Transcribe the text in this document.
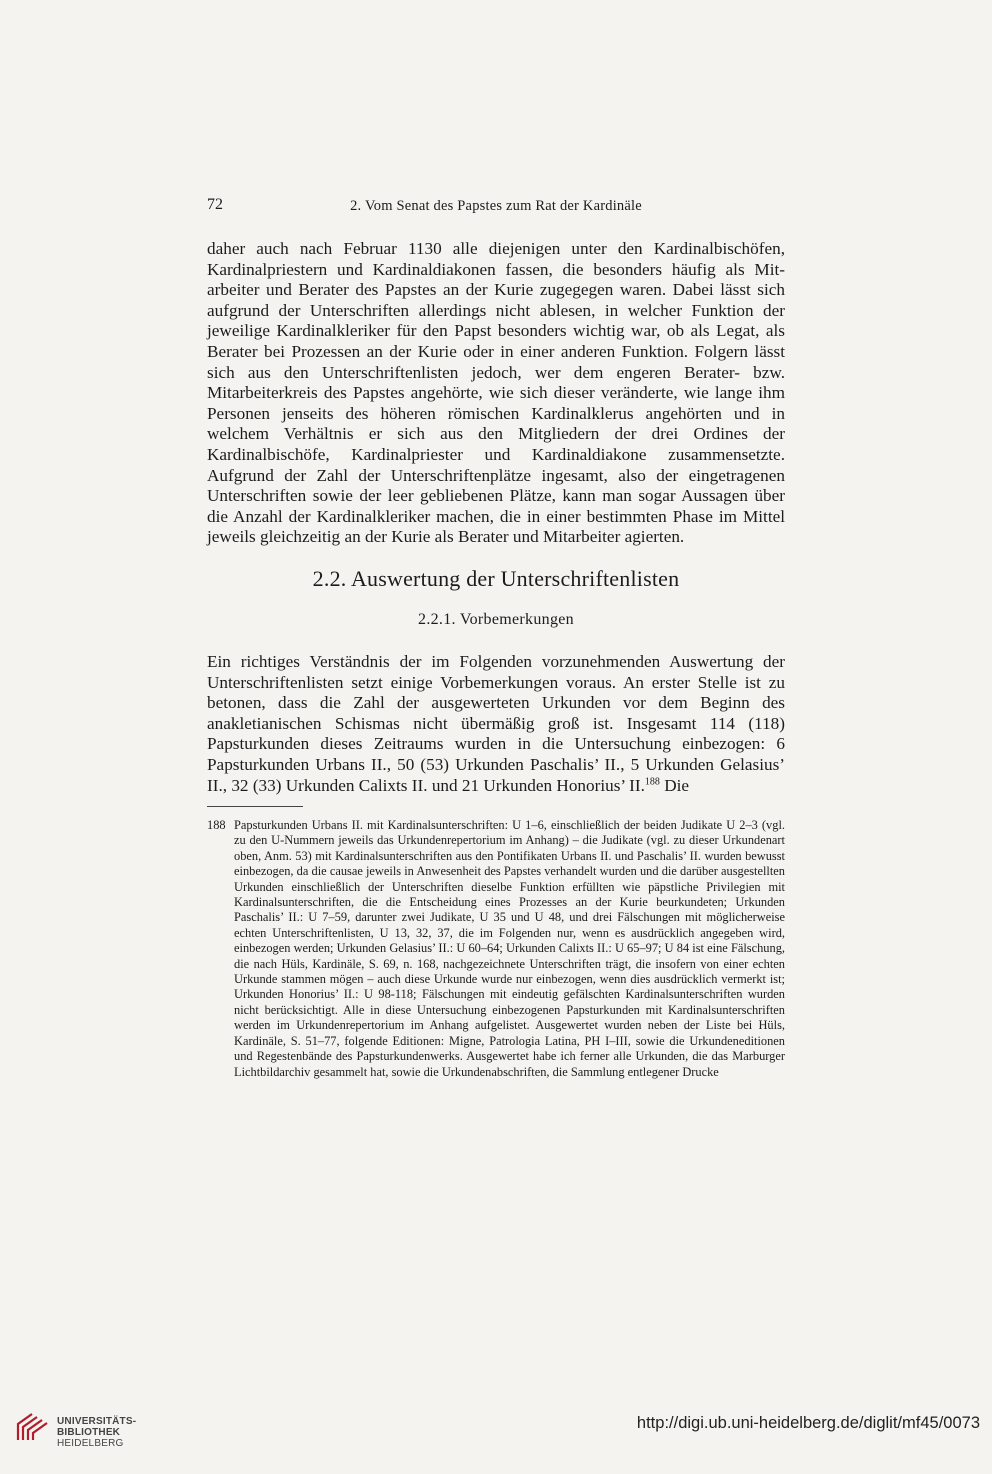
72	2. Vom Senat des Papstes zum Rat der Kardinäle

daher auch nach Februar 1130 alle diejenigen unter den Kardinalbischöfen, Kardinalpriestern und Kardinaldiakonen fassen, die besonders häufig als Mitarbeiter und Berater des Papstes an der Kurie zugegegen waren. Dabei lässt sich aufgrund der Unterschriften allerdings nicht ablesen, in welcher Funktion der jeweilige Kardinalkleriker für den Papst besonders wichtig war, ob als Legat, als Berater bei Prozessen an der Kurie oder in einer anderen Funktion. Folgern lässt sich aus den Unterschriftenlisten jedoch, wer dem engeren Berater- bzw. Mitarbeiterkreis des Papstes angehörte, wie sich dieser veränderte, wie lange ihm Personen jenseits des höheren römischen Kardinalklerus angehörten und in welchem Verhältnis er sich aus den Mitgliedern der drei Ordines der Kardinalbischöfe, Kardinalpriester und Kardinaldiakone zusammensetzte. Aufgrund der Zahl der Unterschriftenplätze ingesamt, also der eingetragenen Unterschriften sowie der leer gebliebenen Plätze, kann man sogar Aussagen über die Anzahl der Kardinalkleriker machen, die in einer bestimmten Phase im Mittel jeweils gleichzeitig an der Kurie als Berater und Mitarbeiter agierten.

2.2. Auswertung der Unterschriftenlisten
2.2.1. Vorbemerkungen

Ein richtiges Verständnis der im Folgenden vorzunehmenden Auswertung der Unterschriftenlisten setzt einige Vorbemerkungen voraus. An erster Stelle ist zu betonen, dass die Zahl der ausgewerteten Urkunden vor dem Beginn des anakletianischen Schismas nicht übermäßig groß ist. Insgesamt 114 (118) Papsturkunden dieses Zeitraums wurden in die Untersuchung einbezogen: 6 Papsturkunden Urbans II., 50 (53) Urkunden Paschalis’ II., 5 Urkunden Gelasius’ II., 32 (33) Urkunden Calixts II. und 21 Urkunden Honorius’ II.$^{188}$ Die

188 Papsturkunden Urbans II. mit Kardinalsunterschriften: U 1–6, einschließlich der beiden Judikate U 2–3 (vgl. zu den U-Nummern jeweils das Urkundenrepertorium im Anhang) – die Judikate (vgl. zu dieser Urkundenart oben, Anm. 53) mit Kardinalsunterschriften aus den Pontifikaten Urbans II. und Paschalis’ II. wurden bewusst einbezogen, da die causae jeweils in Anwesenheit des Papstes verhandelt wurden und die darüber ausgestellten Urkunden einschließlich der Unterschriften dieselbe Funktion erfüllten wie päpstliche Privilegien mit Kardinalsunterschriften, die die Entscheidung eines Prozesses an der Kurie beurkundeten; Urkunden Paschalis’ II.: U 7–59, darunter zwei Judikate, U 35 und U 48, und drei Fälschungen mit möglicherweise echten Unterschriftenlisten, U 13, 32, 37, die im Folgenden nur, wenn es ausdrücklich angegeben wird, einbezogen werden; Urkunden Gelasius’ II.: U 60–64; Urkunden Calixts II.: U 65–97; U 84 ist eine Fälschung, die nach Hüls, Kardinäle, S. 69, n. 168, nachgezeichnete Unterschriften trägt, die insofern von einer echten Urkunde stammen mögen – auch diese Urkunde wurde nur einbezogen, wenn dies ausdrücklich vermerkt ist; Urkunden Honorius’ II.: U 98-118; Fälschungen mit eindeutig gefälschten Kardinalsunterschriften wurden nicht berücksichtigt. Alle in diese Untersuchung einbezogenen Papsturkunden mit Kardinalsunterschriften werden im Urkundenrepertorium im Anhang aufgelistet. Ausgewertet wurden neben der Liste bei Hüls, Kardinäle, S. 51–77, folgende Editionen: Migne, Patrologia Latina, PH I–III, sowie die Urkundeneditionen und Regestenbände des Papsturkundenwerks. Ausgewertet habe ich ferner alle Urkunden, die das Marburger Lichtbildarchiv gesammelt hat, sowie die Urkundenabschriften, die Sammlung entlegener Drucke

UNIVERSITÄTS-
BIBLIOTHEK
HEIDELBERG
http://digi.ub.uni-heidelberg.de/diglit/mf45/0073
